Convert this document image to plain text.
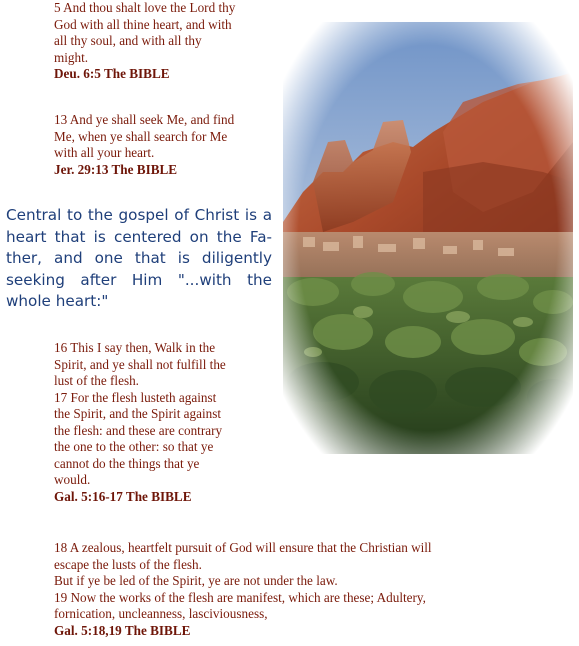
5 And thou shalt love the Lord thy
God with all thine heart, and with
all thy soul, and with all thy
might.
Deu. 6:5 The BIBLE
13 And ye shall seek Me, and find
Me, when ye shall search for Me
with all your heart.
Jer. 29:13 The BIBLE
Central to the gospel of Christ is a
heart that is centered on the Fa-
ther, and one that is diligently
seeking after Him "...with the
whole heart:"
16 This I say then, Walk in the
Spirit, and ye shall not fulfill the
lust of the flesh.
17 For the flesh lusteth against
the Spirit, and the Spirit against
the flesh: and these are contrary
the one to the other: so that ye
cannot do the things that ye
would.
Gal. 5:16-17 The BIBLE
18 A zealous, heartfelt pursuit of God will ensure that the Christian will
escape the lusts of the flesh.
But if ye be led of the Spirit, ye are not under the law.
19 Now the works of the flesh are manifest, which are these; Adultery,
fornication, uncleanness, lasciviousness,
Gal. 5:18,19 The BIBLE
